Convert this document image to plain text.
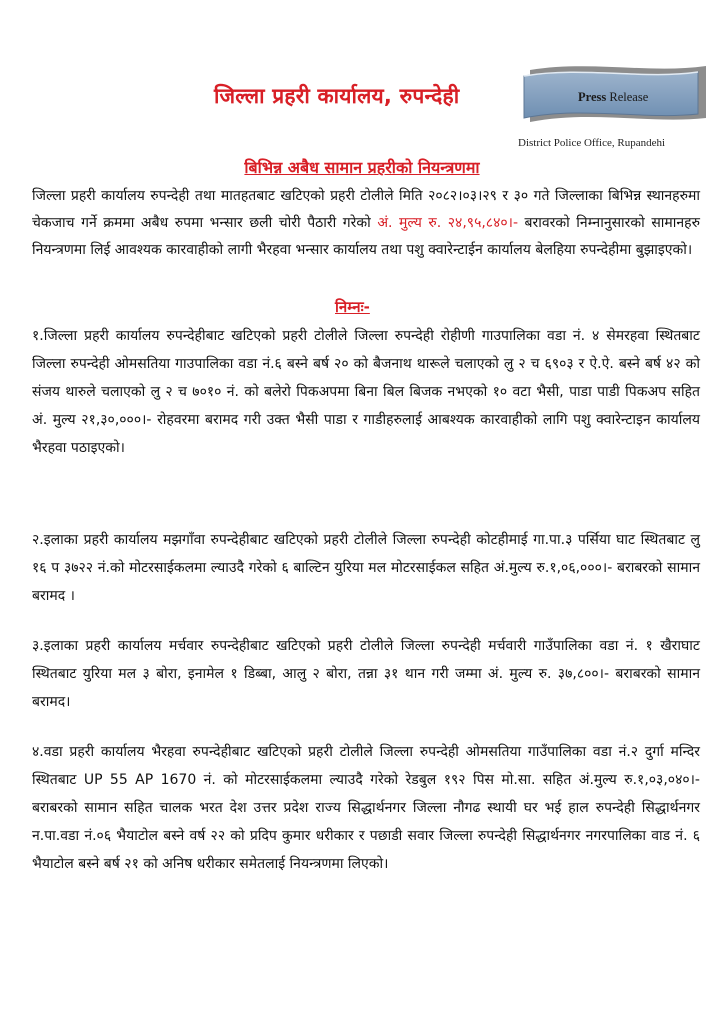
जिल्ला प्रहरी कार्यालय, रुपन्देही	Press Release
District Police Office, Rupandehi
बिभिन्न अबैध सामान प्रहरीको नियन्त्रणमा
जिल्ला प्रहरी कार्यालय रुपन्देही तथा मातहतबाट खटिएको प्रहरी टोलीले मिति २०८२।०३।२९ र ३० गते जिल्लाका बिभिन्न स्थानहरुमा चेकजाच गर्ने क्रममा अबैध रुपमा भन्सार छली चोरी पैठारी गरेको अं. मुल्य रु. २४,९५,८४०।- बरावरको निम्नानुसारको सामानहरु नियन्त्रणमा लिई आवश्यक कारवाहीको लागी भैरहवा भन्सार कार्यालय तथा पशु क्वारेन्टाईन कार्यालय बेलहिया रुपन्देहीमा बुझाइएको।
निम्नः-
१.जिल्ला प्रहरी कार्यालय रुपन्देहीबाट खटिएको प्रहरी टोलीले जिल्ला रुपन्देही रोहीणी गाउपालिका वडा नं. ४ सेमरहवा स्थितबाट जिल्ला रुपन्देही ओमसतिया गाउपालिका वडा नं.६ बस्ने बर्ष २० को बैजनाथ थारूले चलाएको लु २ च ६९०३ र ऐ.ऐ. बस्ने बर्ष ४२ को संजय थारुले चलाएको लु २ च ७०१० नं. को बलेरो पिकअपमा बिना बिल बिजक नभएको १० वटा भैसी, पाडा पाडी पिकअप सहित अं. मुल्य २१,३०,०००।- रोहवरमा बरामद गरी उक्त भैसी पाडा र गाडीहरुलाई आबश्यक कारवाहीको लागि पशु क्वारेन्टाइन कार्यालय भैरहवा पठाइएको।
२.इलाका प्रहरी कार्यालय मझगाँवा रुपन्देहीबाट खटिएको प्रहरी टोलीले जिल्ला रुपन्देही कोटहीमाई गा.पा.३ पर्सिया घाट स्थितबाट लु १६ प ३७२२ नं.को मोटरसाईकलमा ल्याउदै गरेको ६ बाल्टिन युरिया मल मोटरसाईकल सहित अं.मुल्य रु.१,०६,०००।- बराबरको सामान बरामद ।
३.इलाका प्रहरी कार्यालय मर्चवार रुपन्देहीबाट खटिएको प्रहरी टोलीले जिल्ला रुपन्देही मर्चवारी गाउँपालिका वडा नं. १ खैराघाट स्थितबाट युरिया मल ३ बोरा, इनामेल १ डिब्बा, आलु २ बोरा, तन्ना ३१ थान गरी जम्मा अं. मुल्य रु. ३७,८००।- बराबरको सामान बरामद।
४.वडा प्रहरी कार्यालय भैरहवा रुपन्देहीबाट खटिएको प्रहरी टोलीले जिल्ला रुपन्देही ओमसतिया गाउँपालिका वडा नं.२ दुर्गा मन्दिर स्थितबाट UP 55 AP 1670 नं. को मोटरसाईकलमा ल्याउदै गरेको रेडबुल १९२ पिस मो.सा. सहित अं.मुल्य रु.१,०३,०४०।- बराबरको सामान सहित चालक भरत देश उत्तर प्रदेश राज्य सिद्धार्थनगर जिल्ला नौगढ स्थायी घर भई हाल रुपन्देही सिद्धार्थनगर न.पा.वडा नं.०६ भैयाटोल बस्ने वर्ष २२ को प्रदिप कुमार धरीकार र पछाडी सवार जिल्ला रुपन्देही सिद्धार्थनगर नगरपालिका वाड नं. ६ भैयाटोल बस्ने बर्ष २१ को अनिष धरीकार समेतलाई नियन्त्रणमा लिएको।
